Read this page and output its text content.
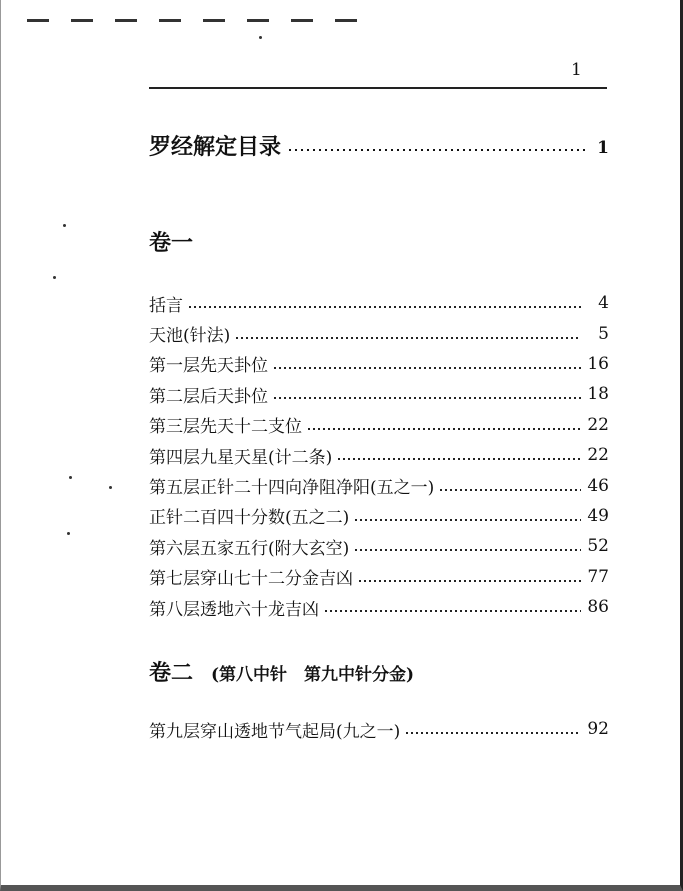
1
罗经解定目录	1
卷一
括言	4
天池(针法)	5
第一层先天卦位	16
第二层后天卦位	18
第三层先天十二支位	22
第四层九星天星(计二条)	22
第五层正针二十四向净阻净阳(五之一)	46
正针二百四十分数(五之二)	49
第六层五家五行(附大玄空)	52
第七层穿山七十二分金吉凶	77
第八层透地六十龙吉凶	86
卷二 (第八中针　第九中针分金)
第九层穿山透地节气起局(九之一)	92
